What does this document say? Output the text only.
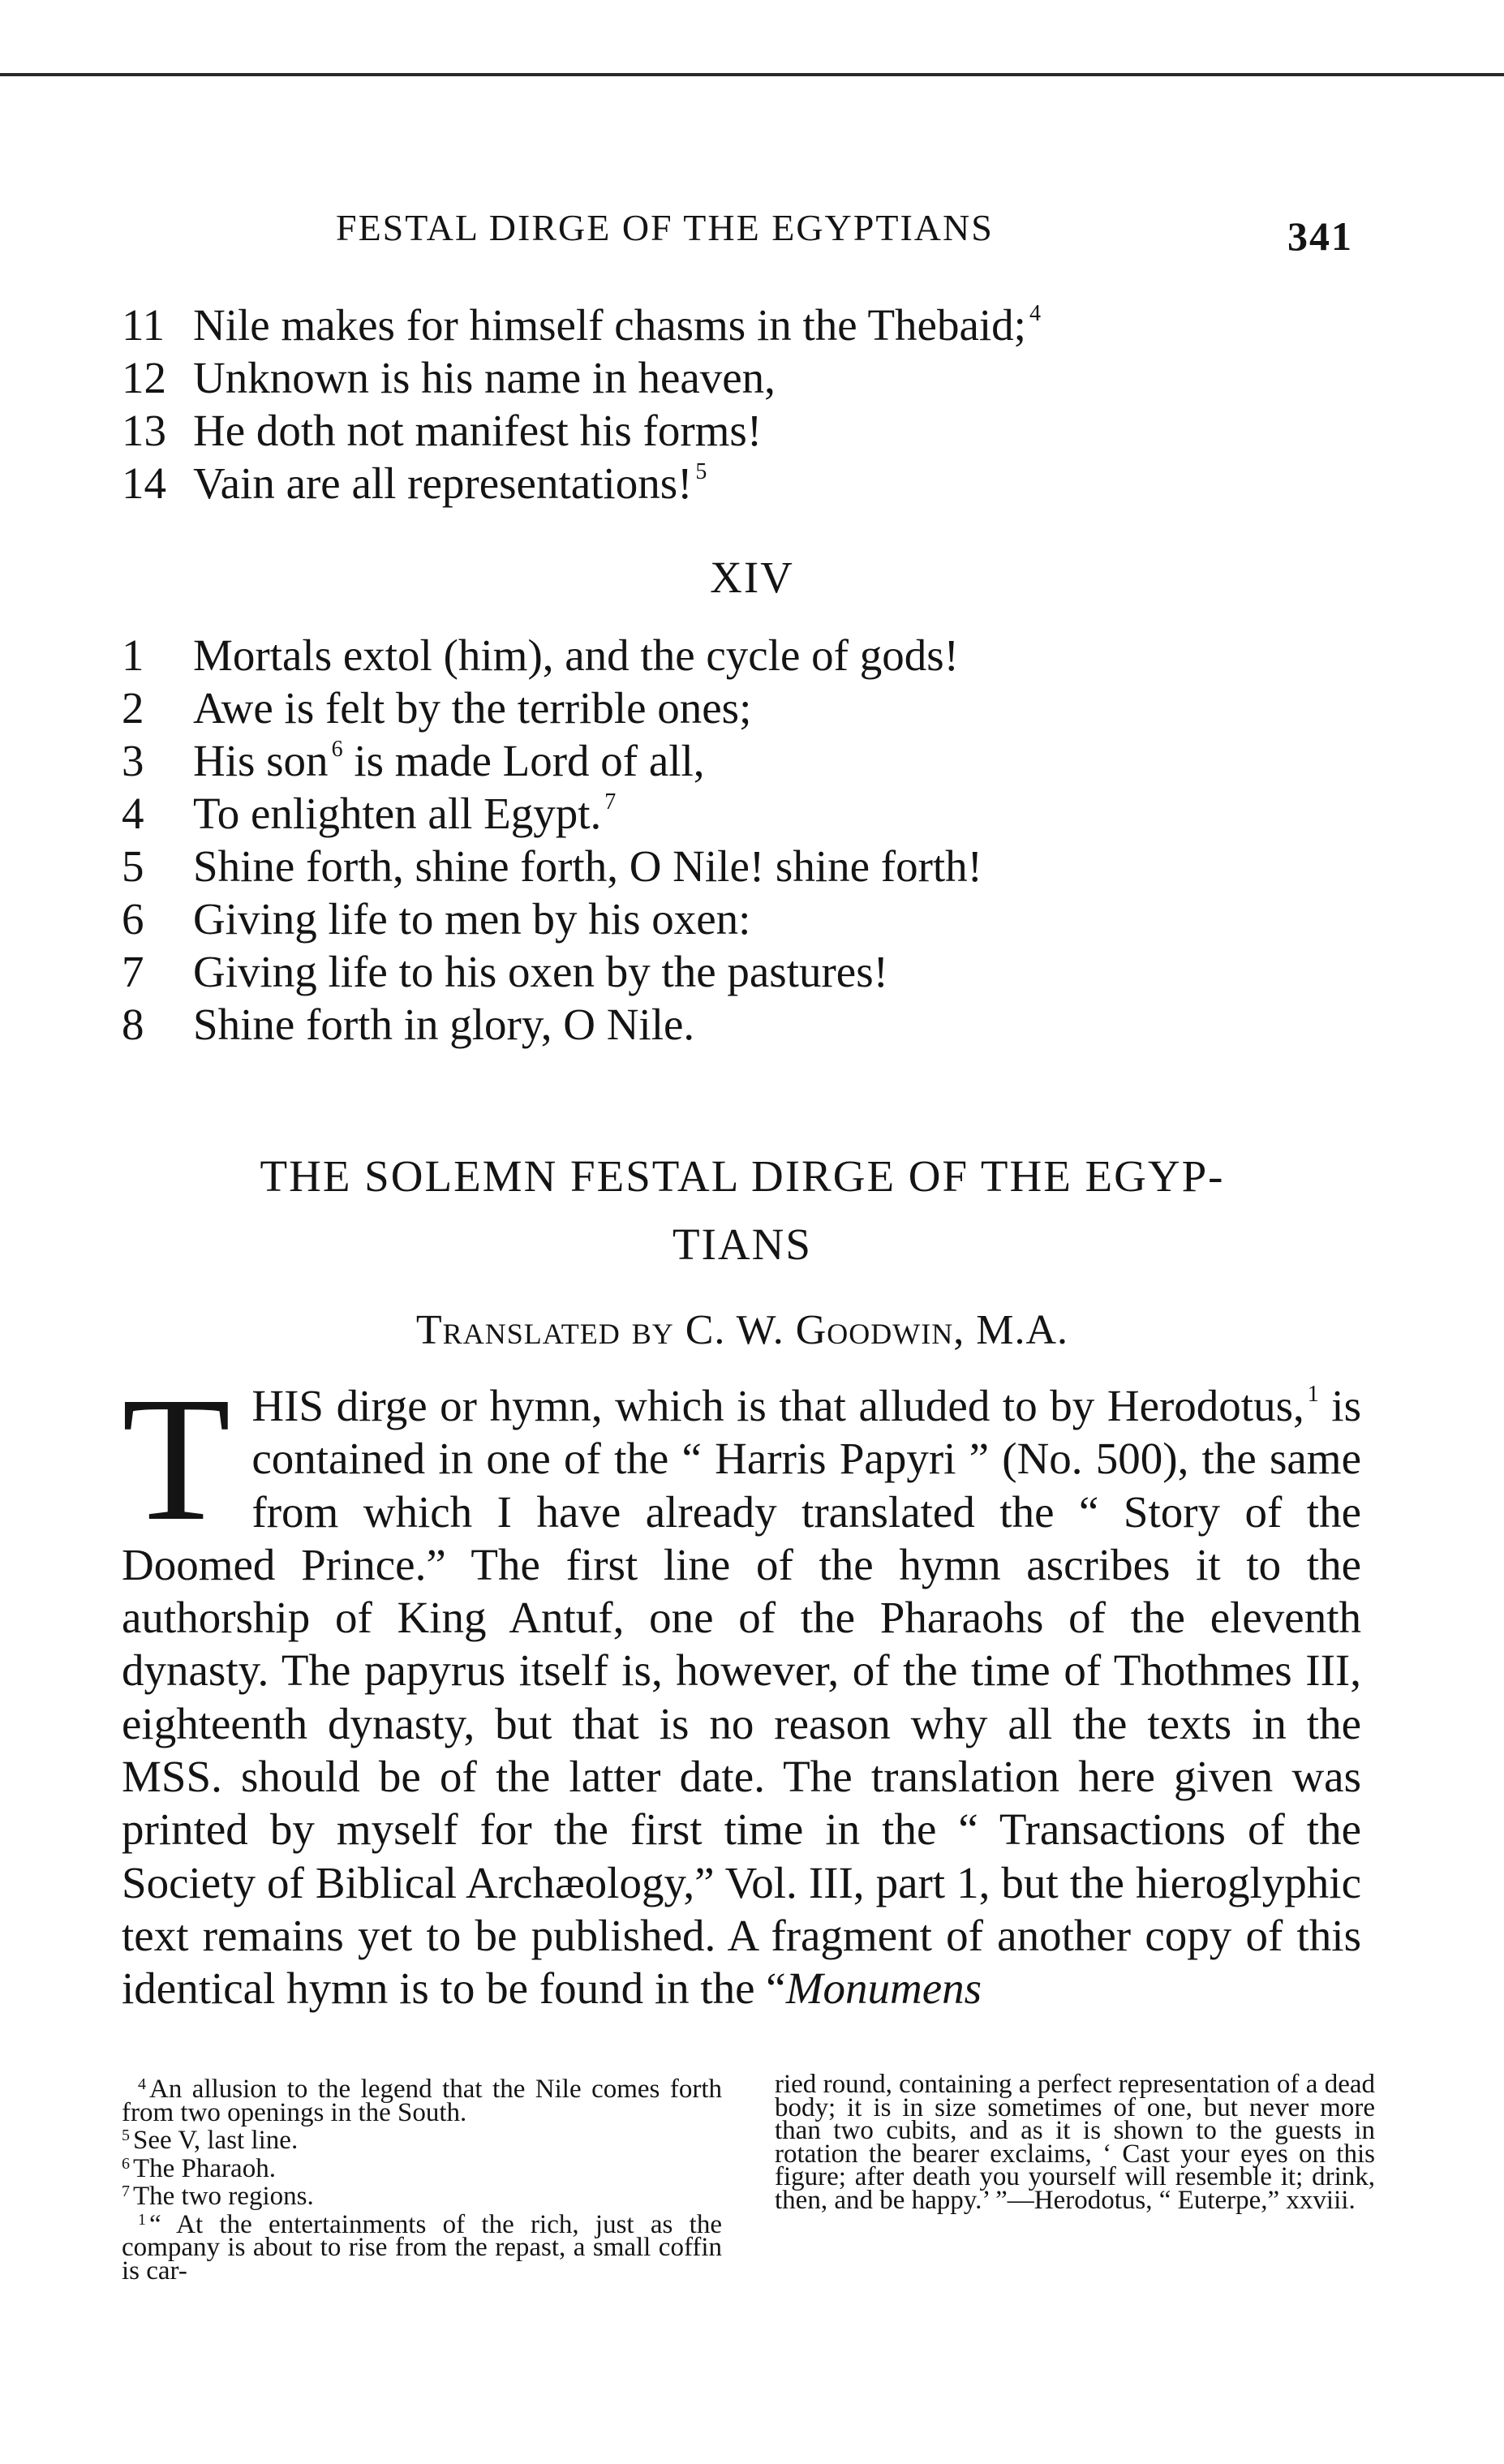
FESTAL DIRGE OF THE EGYPTIANS	341
11 Nile makes for himself chasms in the Thebaid; $^4$
12 Unknown is his name in heaven,
13 He doth not manifest his forms!
14 Vain are all representations! $^5$
XIV
1	Mortals extol (him), and the cycle of gods!
2	Awe is felt by the terrible ones;
3	His son $^6$ is made Lord of all,
4	To enlighten all Egypt. $^7$
5	Shine forth, shine forth, O Nile! shine forth!
6	Giving life to men by his oxen:
7	Giving life to his oxen by the pastures!
8	Shine forth in glory, O Nile.
THE SOLEMN FESTAL DIRGE OF THE EGYP-
TIANS
Translated by C. W. Goodwin, M.A.
THIS dirge or hymn, which is that alluded to by Herodotus, $^1$ is contained in one of the “ Harris Papyri ” (No. 500), the same from which I have already translated the “ Story of the Doomed Prince.” The first line of the hymn ascribes it to the authorship of King Antuf, one of the Pharaohs of the eleventh dynasty. The papyrus itself is, however, of the time of Thothmes III, eighteenth dynasty, but that is no reason why all the texts in the MSS. should be of the latter date. The translation here given was printed by myself for the first time in the “ Transactions of the Society of Biblical Archæology,” Vol. III, part 1, but the hieroglyphic text remains yet to be published. A fragment of another copy of this identical hymn is to be found in the “Monumens

$^4$ An allusion to the legend that the Nile comes forth from two openings in the South.

$^5$ See V, last line.

$^6$ The Pharaoh.

$^7$ The two regions.

$^1$ “ At the entertainments of the rich, just as the company is about to rise from the repast, a small coffin is car-

ried round, containing a perfect representation of a dead body; it is in size sometimes of one, but never more than two cubits, and as it is shown to the guests in rotation the bearer exclaims, ‘ Cast your eyes on this figure; after death you yourself will resemble it; drink, then, and be happy.’ ”—Herodotus, “ Euterpe,” xxviii.
